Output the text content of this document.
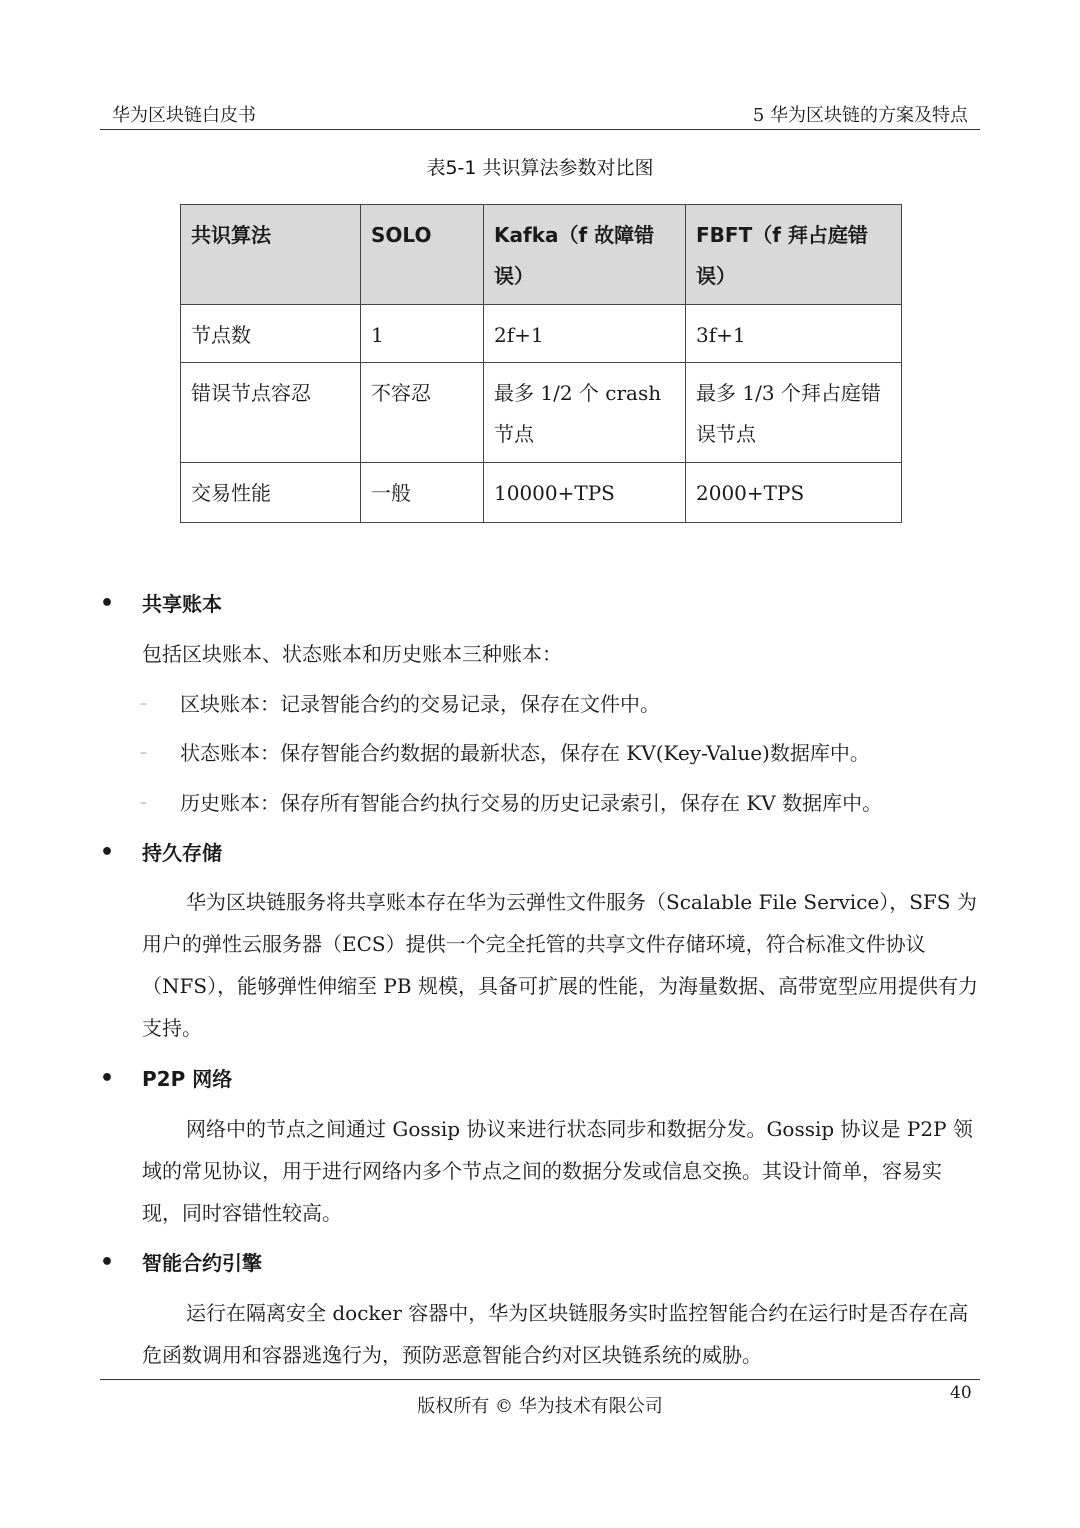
华为区块链白皮书	5 华为区块链的方案及特点
表5-1 共识算法参数对比图
共识算法	SOLO	Kafka（f 故障错误）	FBFT（f 拜占庭错误）
节点数	1	2f+1	3f+1
错误节点容忍	不容忍	最多 1/2 个 crash 节点	最多 1/3 个拜占庭错误节点
交易性能	一般	10000+TPS	2000+TPS
• 共享账本

包括区块账本、状态账本和历史账本三种账本：

– 区块账本：记录智能合约的交易记录，保存在文件中。
– 状态账本：保存智能合约数据的最新状态，保存在 KV(Key-Value)数据库中。
– 历史账本：保存所有智能合约执行交易的历史记录索引，保存在 KV 数据库中。
• 持久存储

华为区块链服务将共享账本存在华为云弹性文件服务（Scalable File Service），SFS 为用户的弹性云服务器（ECS）提供一个完全托管的共享文件存储环境，符合标准文件协议（NFS），能够弹性伸缩至 PB 规模，具备可扩展的性能，为海量数据、高带宽型应用提供有力支持。

• P2P 网络

网络中的节点之间通过 Gossip 协议来进行状态同步和数据分发。Gossip 协议是 P2P 领域的常见协议，用于进行网络内多个节点之间的数据分发或信息交换。其设计简单，容易实现，同时容错性较高。

• 智能合约引擎

运行在隔离安全 docker 容器中，华为区块链服务实时监控智能合约在运行时是否存在高危函数调用和容器逃逸行为，预防恶意智能合约对区块链系统的威胁。

40
版权所有 © 华为技术有限公司
